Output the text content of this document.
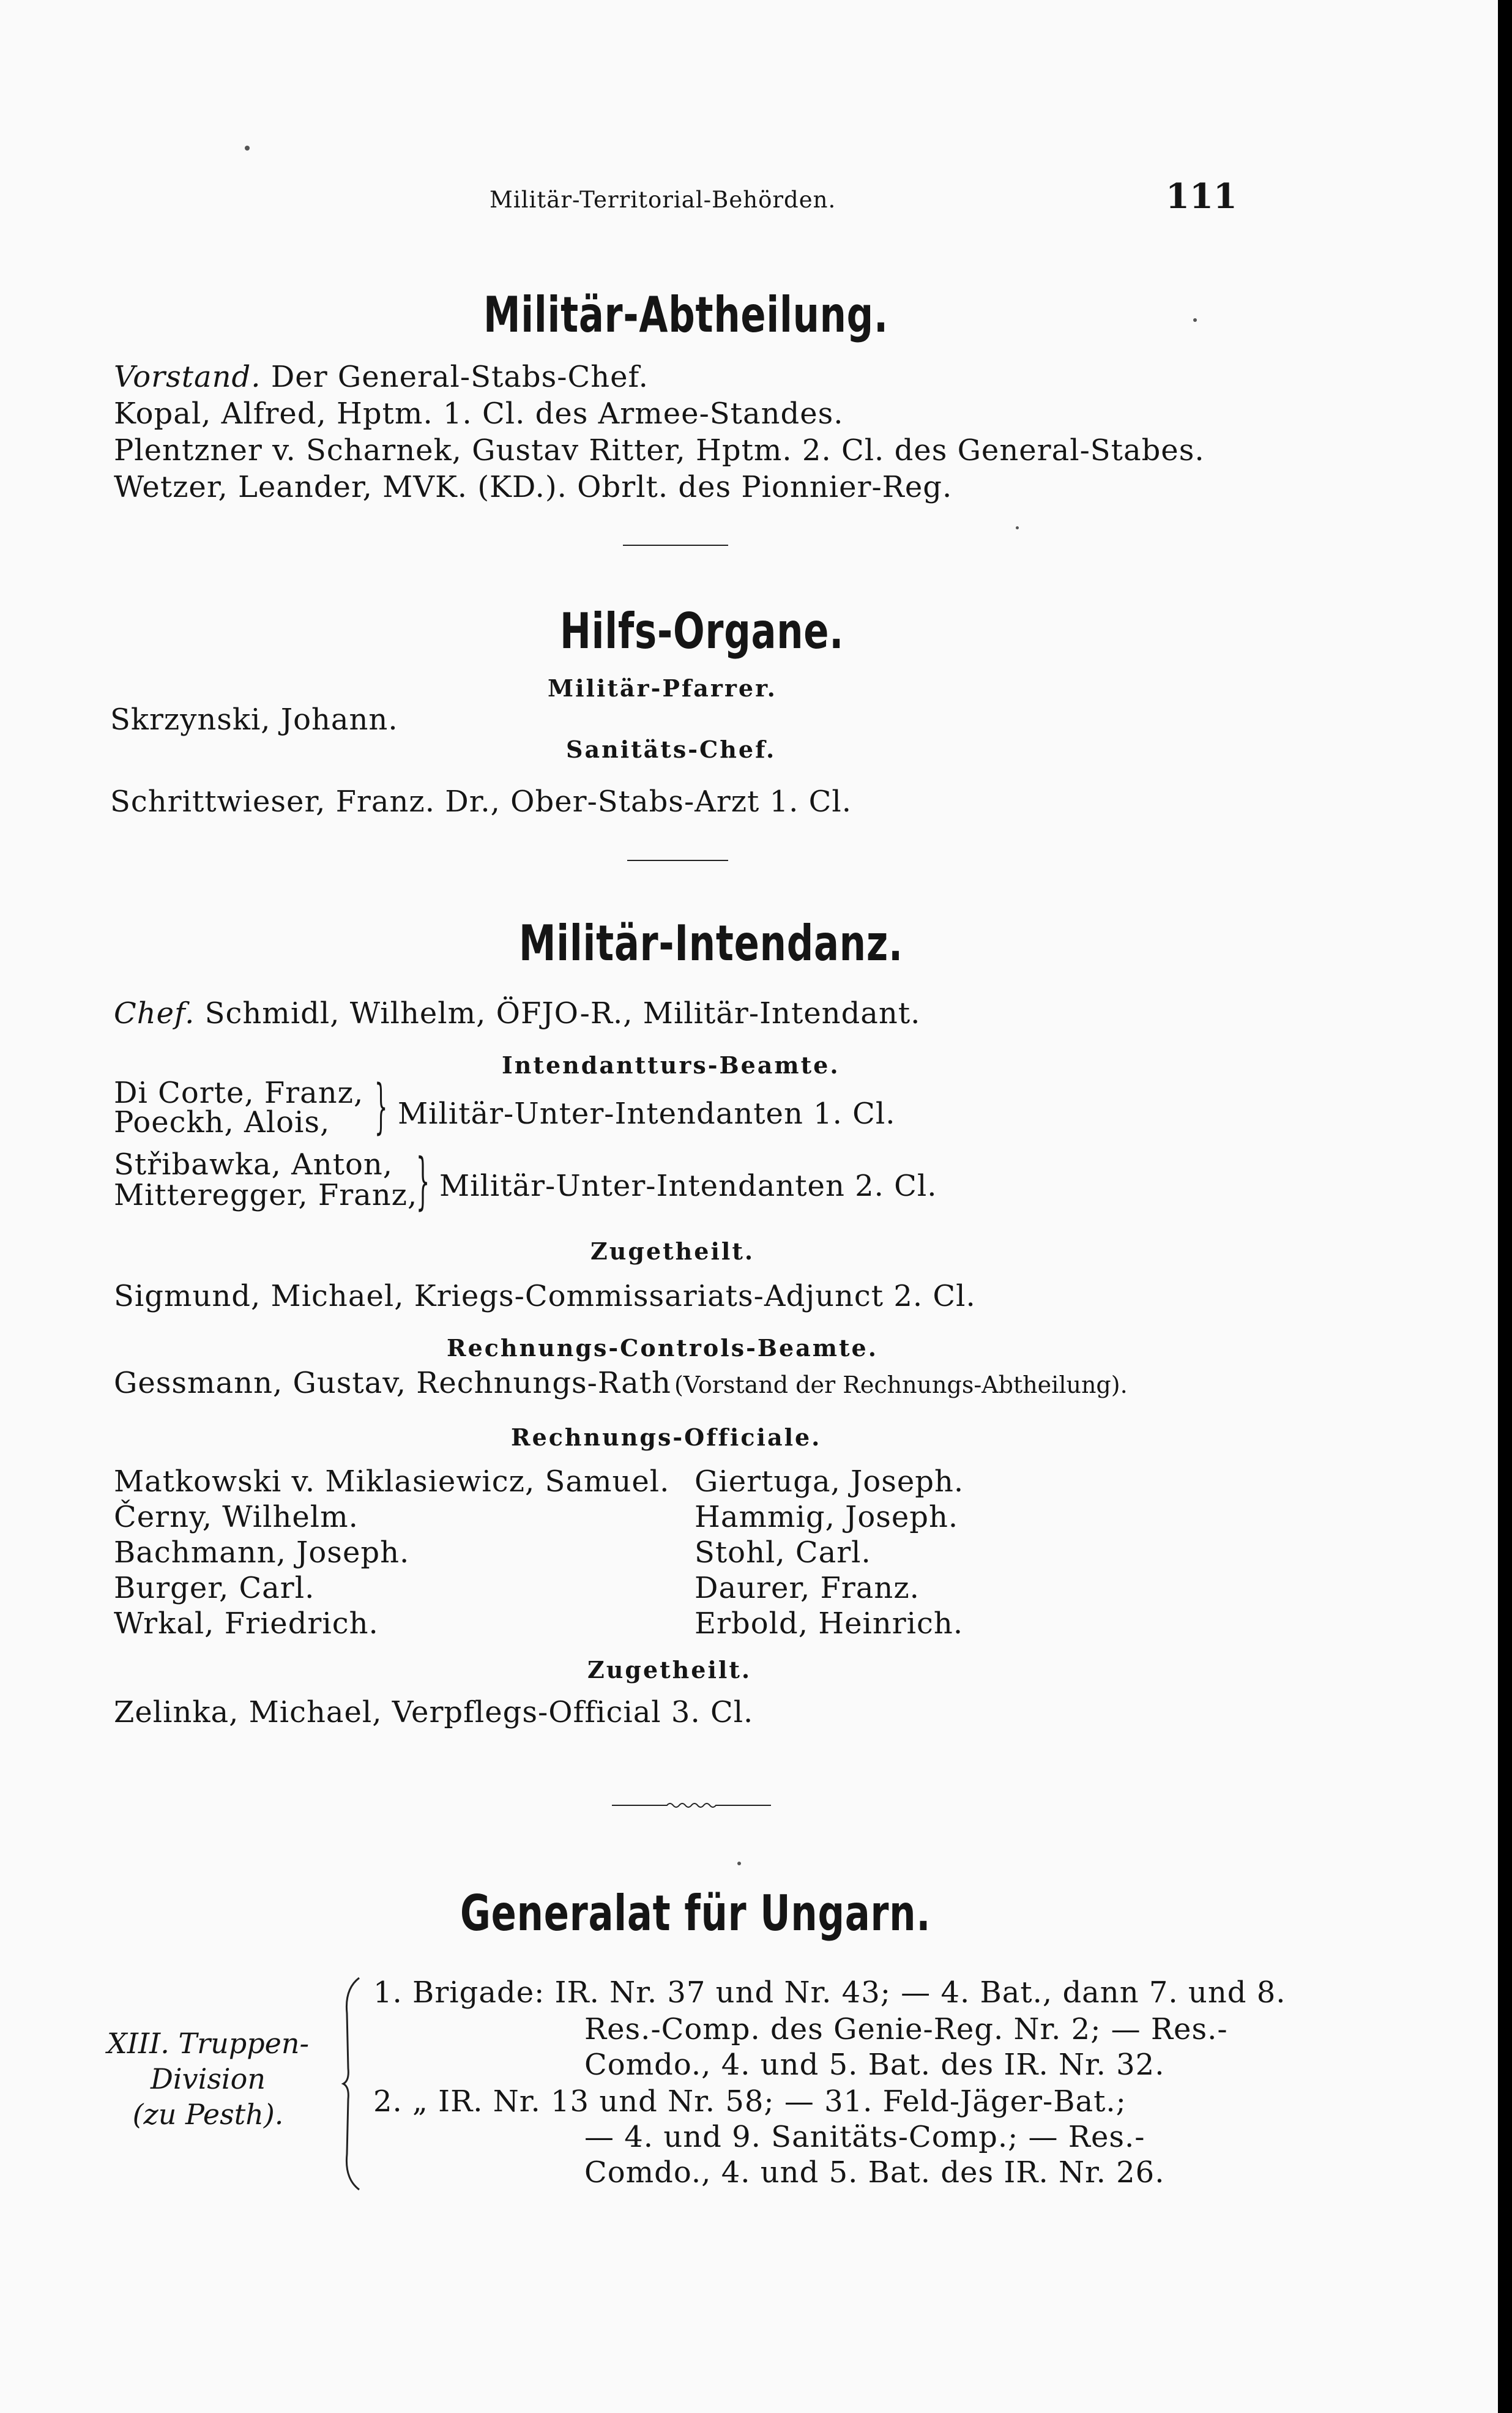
Militär-Territorial-Behörden.	111
Militär-Abtheilung.
Vorstand. Der General-Stabs-Chef.
Kopal, Alfred, Hptm. 1. Cl. des Armee-Standes.
Plentzner v. Scharnek, Gustav Ritter, Hptm. 2. Cl. des General-Stabes.
Wetzer, Leander, MVK. (KD.). Obrlt. des Pionnier-Reg.
Hilfs-Organe.
Militär-Pfarrer.
Skrzynski, Johann.
Sanitäts-Chef.
Schrittwieser, Franz. Dr., Ober-Stabs-Arzt 1. Cl.
Militär-Intendanz.
Chef. Schmidl, Wilhelm, ÖFJO-R., Militär-Intendant.
Intendantturs-Beamte.
Di Corte, Franz,
Poeckh, Alois, } Militär-Unter-Intendanten 1. Cl.
Střibawka, Anton,
Mitteregger, Franz,
} Militär-Unter-Intendanten 2. Cl.
Zugetheilt.
Sigmund, Michael, Kriegs-Commissariats-Adjunct 2. Cl.
Rechnungs-Controls-Beamte.
Gessmann, Gustav, Rechnungs-Rath (Vorstand der Rechnungs-Abtheilung).
Rechnungs-Officiale.
Matkowski v. Miklasiewicz, Samuel.
Černy, Wilhelm.
Bachmann, Joseph.
Burger, Carl.
Wrkal, Friedrich.
Giertuga, Joseph.
Hammig, Joseph.
Stohl, Carl.
Daurer, Franz.
Erbold, Heinrich.
Zugetheilt.
Zelinka, Michael, Verpflegs-Official 3. Cl.
Generalat für Ungarn.
XIII. Truppen-
Division
(zu Pesth).
1. Brigade: IR. Nr. 37 und Nr. 43; — 4. Bat., dann 7. und 8.
Res.-Comp. des Genie-Reg. Nr. 2; — Res.-
Comdo., 4. und 5. Bat. des IR. Nr. 32.
2. „ IR. Nr. 13 und Nr. 58; — 31. Feld-Jäger-Bat.;
— 4. und 9. Sanitäts-Comp.; — Res.-
Comdo., 4. und 5. Bat. des IR. Nr. 26.
